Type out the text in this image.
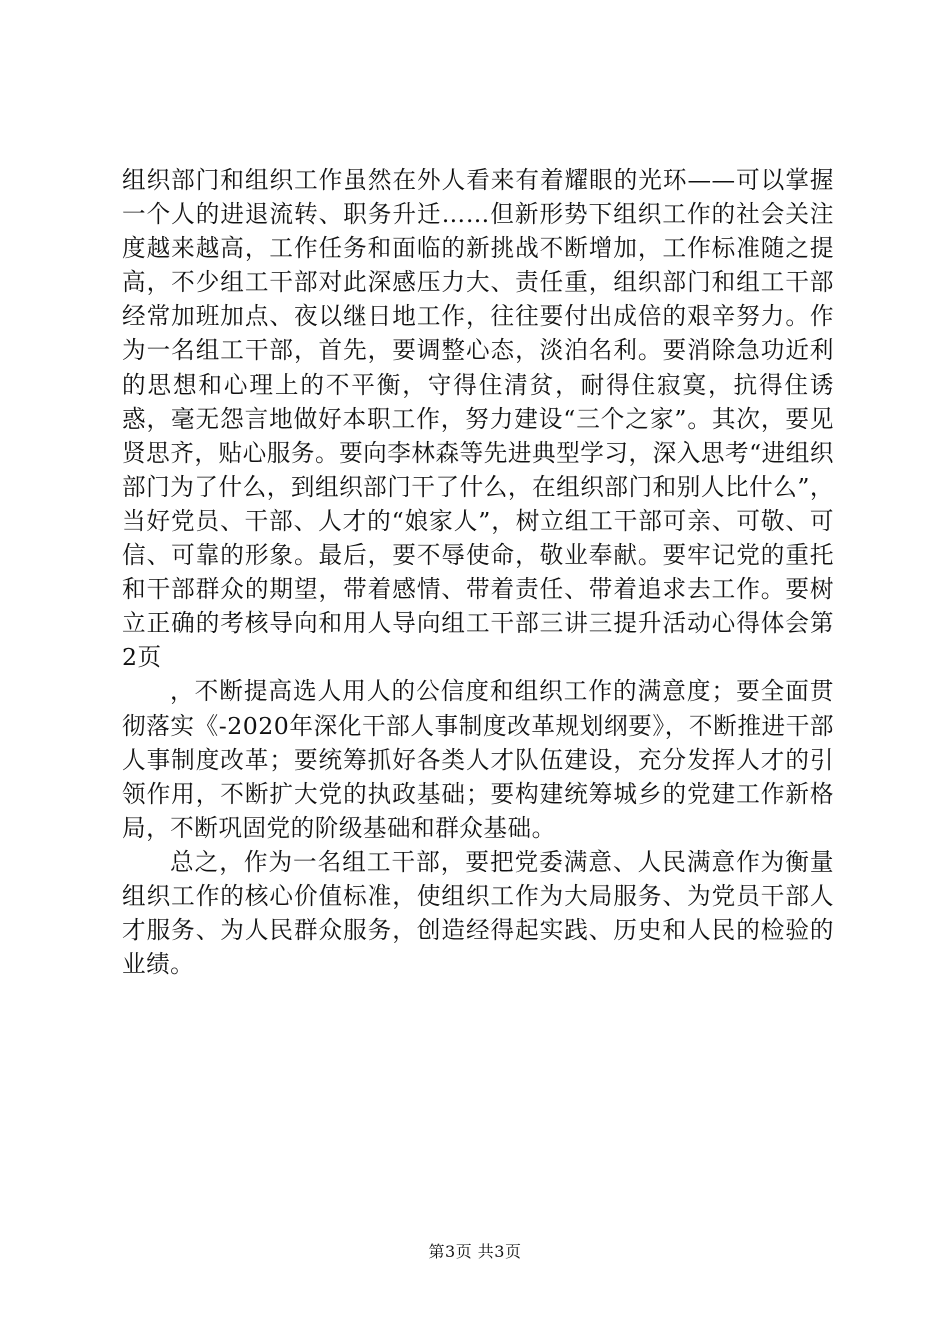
组织部门和组织工作虽然在外人看来有着耀眼的光环——可以掌握一个人的进退流转、职务升迁……但新形势下组织工作的社会关注度越来越高，工作任务和面临的新挑战不断增加，工作标准随之提高，不少组工干部对此深感压力大、责任重，组织部门和组工干部经常加班加点、夜以继日地工作，往往要付出成倍的艰辛努力。作为一名组工干部，首先，要调整心态，淡泊名利。要消除急功近利的思想和心理上的不平衡，守得住清贫，耐得住寂寞，抗得住诱惑，毫无怨言地做好本职工作，努力建设“三个之家”。其次，要见贤思齐，贴心服务。要向李林森等先进典型学习，深入思考“进组织部门为了什么，到组织部门干了什么，在组织部门和别人比什么”，当好党员、干部、人才的“娘家人”，树立组工干部可亲、可敬、可信、可靠的形象。最后，要不辱使命，敬业奉献。要牢记党的重托和干部群众的期望，带着感情、带着责任、带着追求去工作。要树立正确的考核导向和用人导向组工干部三讲三提升活动心得体会第2页

，不断提高选人用人的公信度和组织工作的满意度；要全面贯彻落实《-2020年深化干部人事制度改革规划纲要》，不断推进干部人事制度改革；要统筹抓好各类人才队伍建设，充分发挥人才的引领作用，不断扩大党的执政基础；要构建统筹城乡的党建工作新格局，不断巩固党的阶级基础和群众基础。

总之，作为一名组工干部，要把党委满意、人民满意作为衡量组织工作的核心价值标准，使组织工作为大局服务、为党员干部人才服务、为人民群众服务，创造经得起实践、历史和人民的检验的业绩。

第3页 共3页
